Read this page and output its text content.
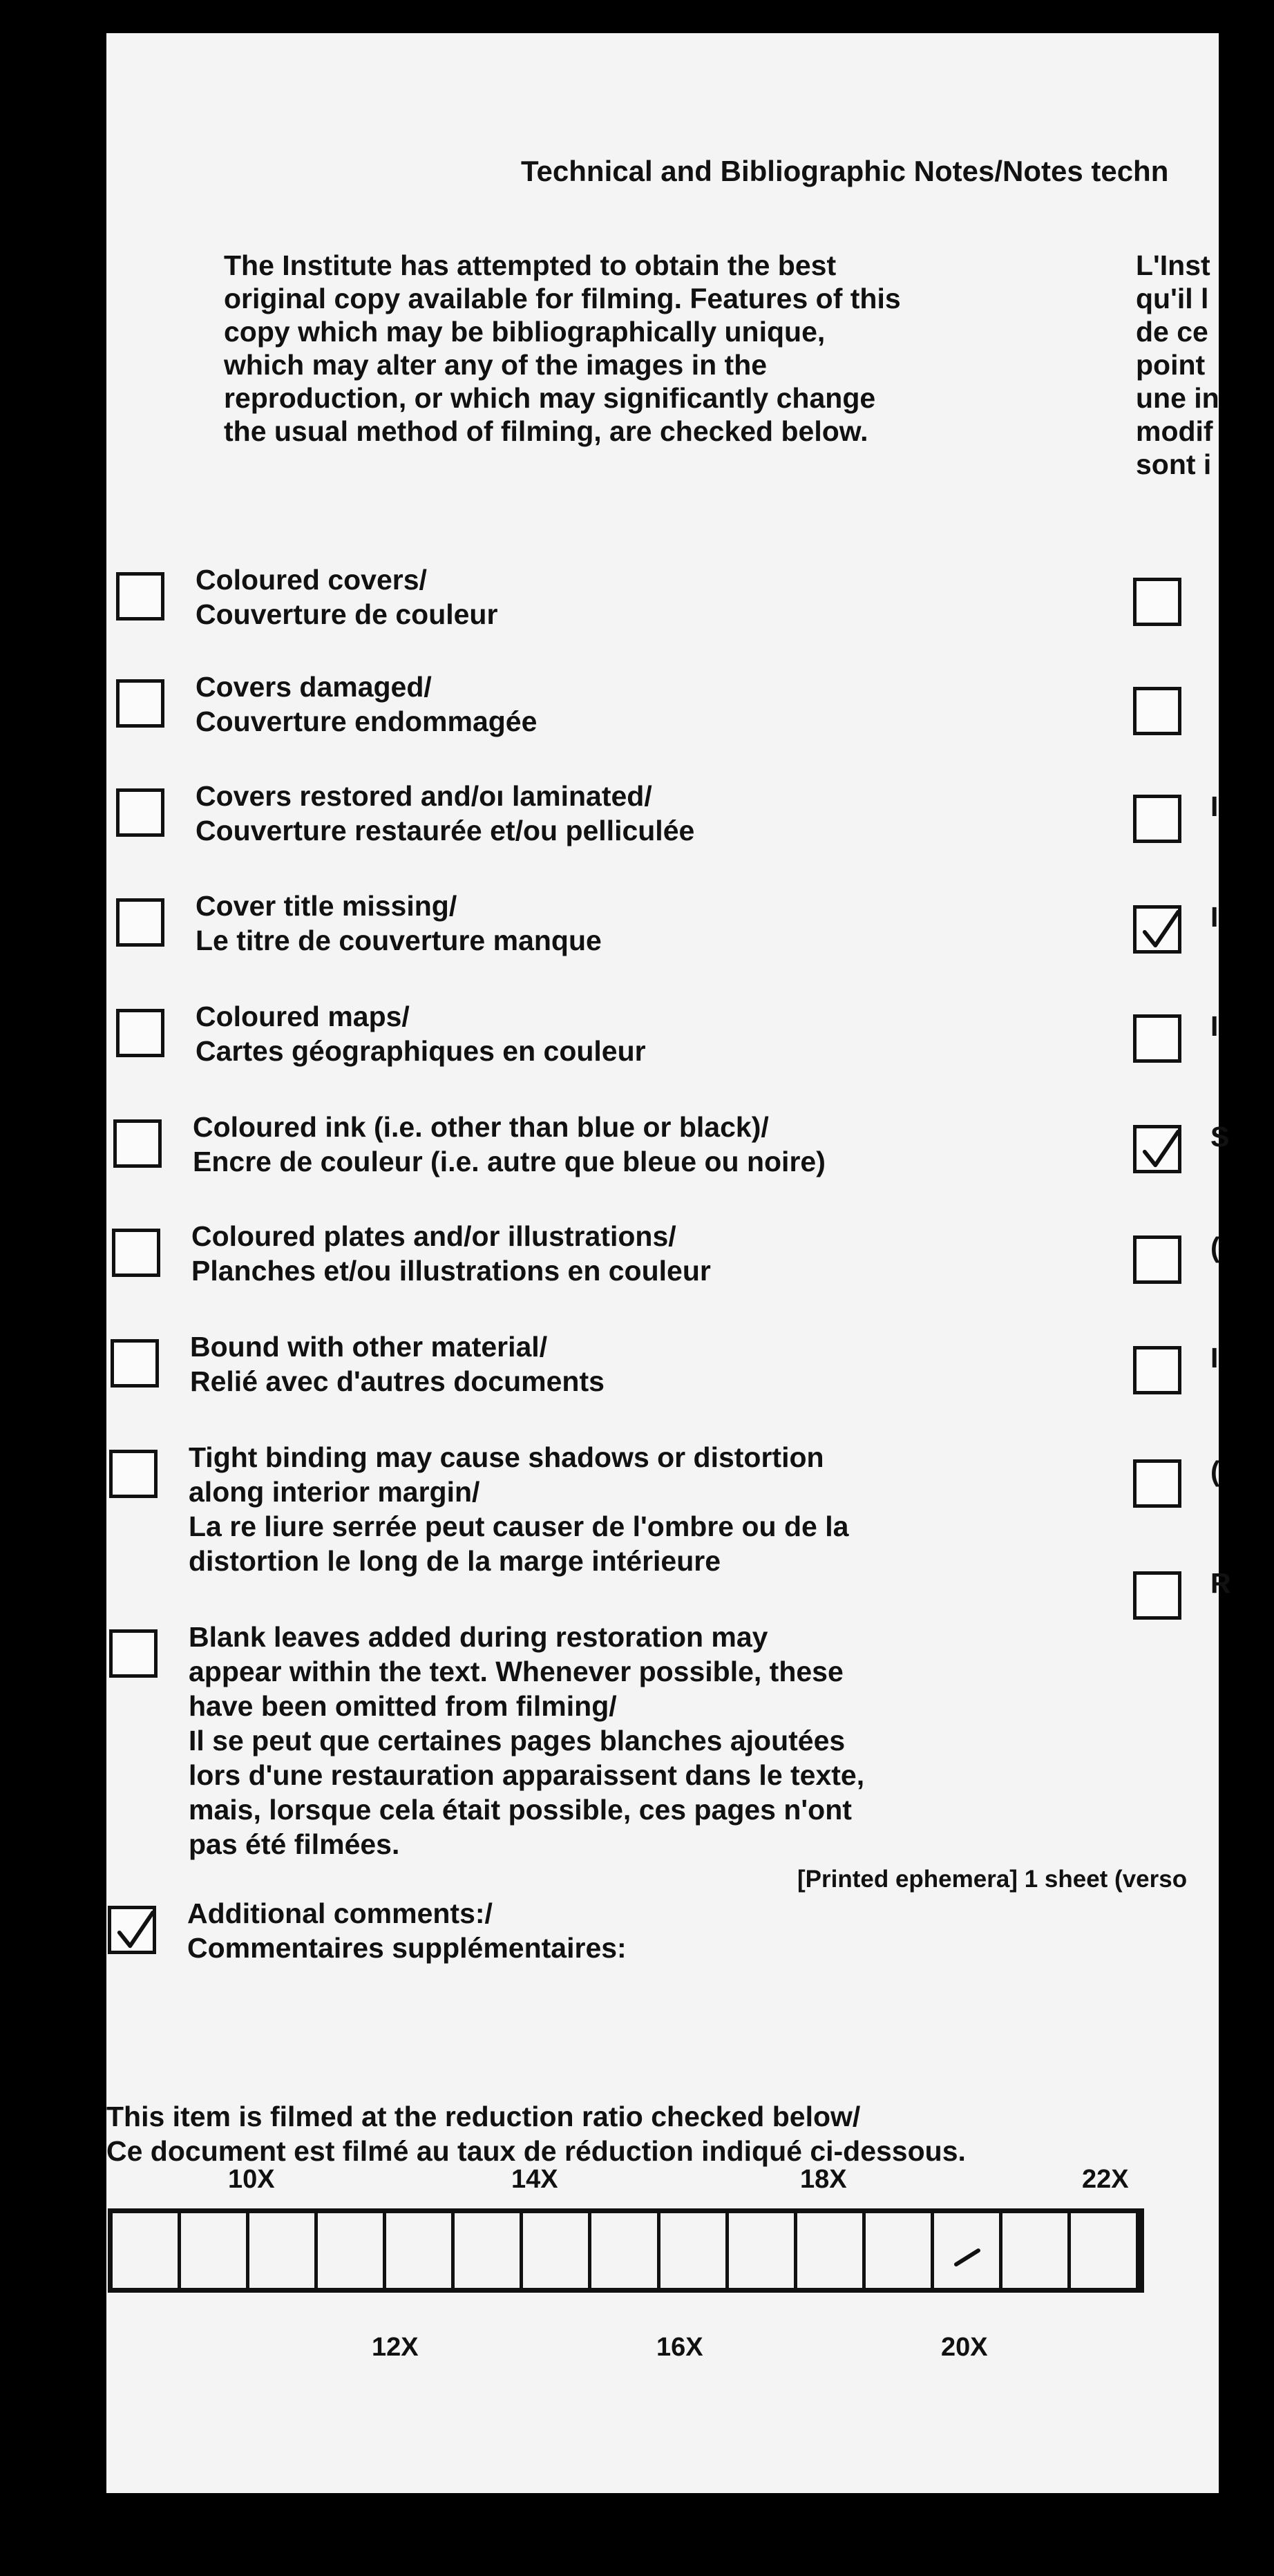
Technical and Bibliographic Notes/Notes techn
The Institute has attempted to obtain the best
original copy available for filming. Features of this
copy which may be bibliographically unique,
which may alter any of the images in the
reproduction, or which may significantly change
the usual method of filming, are checked below.
L'Inst
qu'il l
de ce
point
une in
modif
sont i
Coloured covers/
Couverture de couleur
Covers damaged/
Couverture endommagée
Covers restored and/oı laminated/
Couverture restaurée et/ou pelliculée
Cover title missing/
Le titre de couverture manque
Coloured maps/
Cartes géographiques en couleur
Coloured ink (i.e. other than blue or black)/
Encre de couleur (i.e. autre que bleue ou noire)
Coloured plates and/or illustrations/
Planches et/ou illustrations en couleur
Bound with other material/
Relié avec d'autres documents
Tight binding may cause shadows or distortion
along interior margin/
La re liure serrée peut causer de l'ombre ou de la
distortion le long de la marge intérieure
Blank leaves added during restoration may
appear within the text. Whenever possible, these
have been omitted from filming/
Il se peut que certaines pages blanches ajoutées
lors d'une restauration apparaissent dans le texte,
mais, lorsque cela était possible, ces pages n'ont
pas été filmées.
Additional comments:/
Commentaires supplémentaires:
I
I
I
S
(
I
(
R
[Printed ephemera] 1 sheet (verso
This item is filmed at the reduction ratio checked below/
Ce document est filmé au taux de réduction indiqué ci-dessous.
10X	14X	18X	22X
12X	16X	20X
